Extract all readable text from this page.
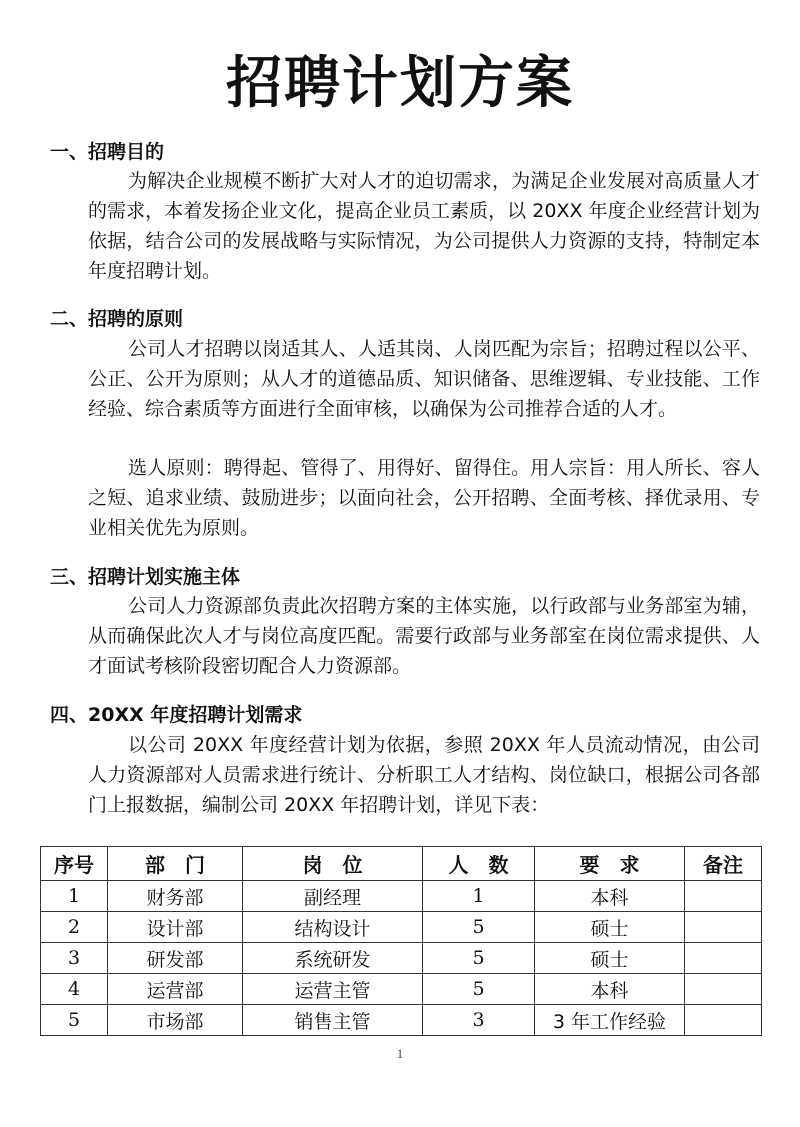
招聘计划方案
一、招聘目的

为解决企业规模不断扩大对人才的迫切需求，为满足企业发展对高质量人才的需求，本着发扬企业文化，提高企业员工素质，以 20XX 年度企业经营计划为依据，结合公司的发展战略与实际情况，为公司提供人力资源的支持，特制定本年度招聘计划。

二、招聘的原则

公司人才招聘以岗适其人、人适其岗、人岗匹配为宗旨；招聘过程以公平、公正、公开为原则；从人才的道德品质、知识储备、思维逻辑、专业技能、工作经验、综合素质等方面进行全面审核，以确保为公司推荐合适的人才。

选人原则：聘得起、管得了、用得好、留得住。用人宗旨：用人所长、容人之短、追求业绩、鼓励进步；以面向社会，公开招聘、全面考核、择优录用、专业相关优先为原则。

三、招聘计划实施主体

公司人力资源部负责此次招聘方案的主体实施，以行政部与业务部室为辅，从而确保此次人才与岗位高度匹配。需要行政部与业务部室在岗位需求提供、人才面试考核阶段密切配合人力资源部。

四、20XX 年度招聘计划需求

以公司 20XX 年度经营计划为依据，参照 20XX 年人员流动情况，由公司人力资源部对人员需求进行统计、分析职工人才结构、岗位缺口，根据公司各部门上报数据，编制公司 20XX 年招聘计划，详见下表：

序号	部　门	岗　位	人　数	要　求	备注
1	财务部	副经理	1	本科	
2	设计部	结构设计	5	硕士	
3	研发部	系统研发	5	硕士	
4	运营部	运营主管	5	本科	
5	市场部	销售主管	3	3 年工作经验	
1
